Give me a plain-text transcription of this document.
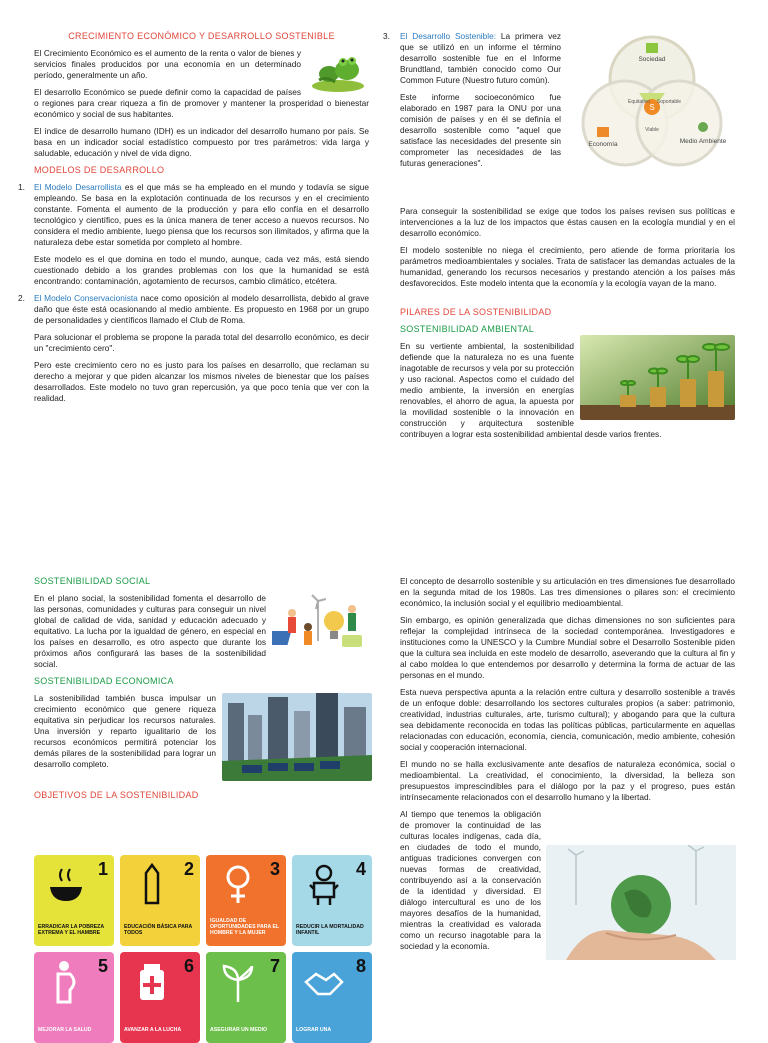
CRECIMIENTO ECONÓMICO Y DESARROLLO SOSTENIBLE

El Crecimiento Económico es el aumento de la renta o valor de bienes y servicios finales producidos por una economía en un determinado período, generalmente un año.

El desarrollo Económico se puede definir como la capacidad de países o regiones para crear riqueza a fin de promover y mantener la prosperidad o bienestar económico y social de sus habitantes.

El índice de desarrollo humano (IDH) es un indicador del desarrollo humano por país. Se basa en un indicador social estadístico compuesto por tres parámetros: vida larga y saludable, educación y nivel de vida digno.

MODELOS DE DESARROLLO
1. El Modelo Desarrollista es el que más se ha empleado en el mundo y todavía se sigue empleando. Se basa en la explotación continuada de los recursos y en el crecimiento constante. Fomenta el aumento de la producción y para ello confía en el desarrollo tecnológico y científico, pues es la única manera de tener acceso a nuevos recursos. No considera el medio ambiente, luego piensa que los recursos son ilimitados, y afirma que la naturaleza debe estar sometida por completo al hombre.

Este modelo es el que domina en todo el mundo, aunque, cada vez más, está siendo cuestionado debido a los grandes problemas con los que la humanidad se está encontrando: contaminación, agotamiento de recursos, cambio climático, etcétera.

2. El Modelo Conservacionista nace como oposición al modelo desarrollista, debido al grave daño que éste está ocasionando al medio ambiente. Es propuesto en 1968 por un grupo de personalidades y científicos llamado el Club de Roma.

Para solucionar el problema se propone la parada total del desarrollo económico, es decir un "crecimiento cero".

Pero este crecimiento cero no es justo para los países en desarrollo, que reclaman su derecho a mejorar y que piden alcanzar los mismos niveles de bienestar que los países desarrollados. Este modelo no tuvo gran repercusión, ya que poco tenía que ver con la realidad.

S
Sociedad
Economía	Medio Ambiente
Equitativo Soportable
Viable

3. El Desarrollo Sostenible: La primera vez que se utilizó en un informe el término desarrollo sostenible fue en el Informe Brundtland, también conocido como Our Common Future (Nuestro futuro común).

Este informe socioeconómico fue elaborado en 1987 para la ONU por una comisión de países y en él se definía el desarrollo sostenible como "aquel que satisface las necesidades del presente sin comprometer las necesidades de las futuras generaciones".

Para conseguir la sostenibilidad se exige que todos los países revisen sus políticas e intervenciones a la luz de los impactos que éstas causen en la ecología mundial y en el desarrollo económico.

El modelo sostenible no niega el crecimiento, pero atiende de forma prioritaria los parámetros medioambientales y sociales. Trata de satisfacer las demandas actuales de la humanidad, generando los recursos necesarios y prestando atención a los países más desfavorecidos. Este modelo intenta que la economía y la ecología vayan de la mano.

PILARES DE LA SOSTENIBILIDAD
SOSTENIBILIDAD AMBIENTAL

En su vertiente ambiental, la sostenibilidad defiende que la naturaleza no es una fuente inagotable de recursos y vela por su protección y uso racional. Aspectos como el cuidado del medio ambiente, la inversión en energías renovables, el ahorro de agua, la apuesta por la movilidad sostenible o la innovación en construcción y arquitectura sostenible contribuyen a lograr esta sostenibilidad ambiental desde varios frentes.

SOSTENIBILIDAD SOCIAL

En el plano social, la sostenibilidad fomenta el desarrollo de las personas, comunidades y culturas para conseguir un nivel global de calidad de vida, sanidad y educación adecuado y equitativo. La lucha por la igualdad de género, en especial en los países en desarrollo, es otro aspecto que durante los próximos años configurará las bases de la sostenibilidad social.

SOSTENIBILIDAD ECONOMICA

La sostenibilidad también busca impulsar un crecimiento económico que genere riqueza equitativa sin perjudicar los recursos naturales. Una inversión y reparto igualitario de los recursos económicos permitirá potenciar los demás pilares de la sostenibilidad para lograr un desarrollo completo.

OBJETIVOS DE LA SOSTENIBILIDAD
1
ERRADICAR LA POBREZA EXTREMA Y EL HAMBRE
2
EDUCACIÓN BÁSICA PARA TODOS
3
IGUALDAD DE OPORTUNIDADES PARA EL HOMBRE Y LA MUJER
4
REDUCIR LA MORTALIDAD INFANTIL
5
MEJORAR LA SALUD
6
AVANZAR A LA LUCHA
7
ASEGURAR UN MEDIO
8
LOGRAR UNA

El concepto de desarrollo sostenible y su articulación en tres dimensiones fue desarrollado en la segunda mitad de los 1980s. Las tres dimensiones o pilares son: el crecimiento económico, la inclusión social y el equilibrio medioambiental.

Sin embargo, es opinión generalizada que dichas dimensiones no son suficientes para reflejar la complejidad intrínseca de la sociedad contemporánea. Investigadores e instituciones como la UNESCO y la Cumbre Mundial sobre el Desarrollo Sostenible piden que la cultura sea incluida en este modelo de desarrollo, aseverando que la cultura al fin y al cabo moldea lo que entendemos por desarrollo y determina la forma de actuar de las personas en el mundo.

Esta nueva perspectiva apunta a la relación entre cultura y desarrollo sostenible a través de un enfoque doble: desarrollando los sectores culturales propios (a saber: patrimonio, creatividad, industrias culturales, arte, turismo cultural); y abogando para que la cultura sea debidamente reconocida en todas las políticas públicas, particularmente en aquellas relacionadas con educación, economía, ciencia, comunicación, medio ambiente, cohesión social y cooperación internacional.

El mundo no se halla exclusivamente ante desafíos de naturaleza económica, social o medioambiental. La creatividad, el conocimiento, la diversidad, la belleza son presupuestos imprescindibles para el diálogo por la paz y el progreso, pues están intrínsecamente relacionados con el desarrollo humano y la libertad.

Al tiempo que tenemos la obligación de promover la continuidad de las culturas locales indígenas, cada día, en ciudades de todo el mundo, antiguas tradiciones convergen con nuevas formas de creatividad, contribuyendo así a la conservación de la identidad y diversidad. El diálogo intercultural es uno de los mayores desafíos de la humanidad, mientras la creatividad es valorada como un recurso inagotable para la sociedad y la economía.
